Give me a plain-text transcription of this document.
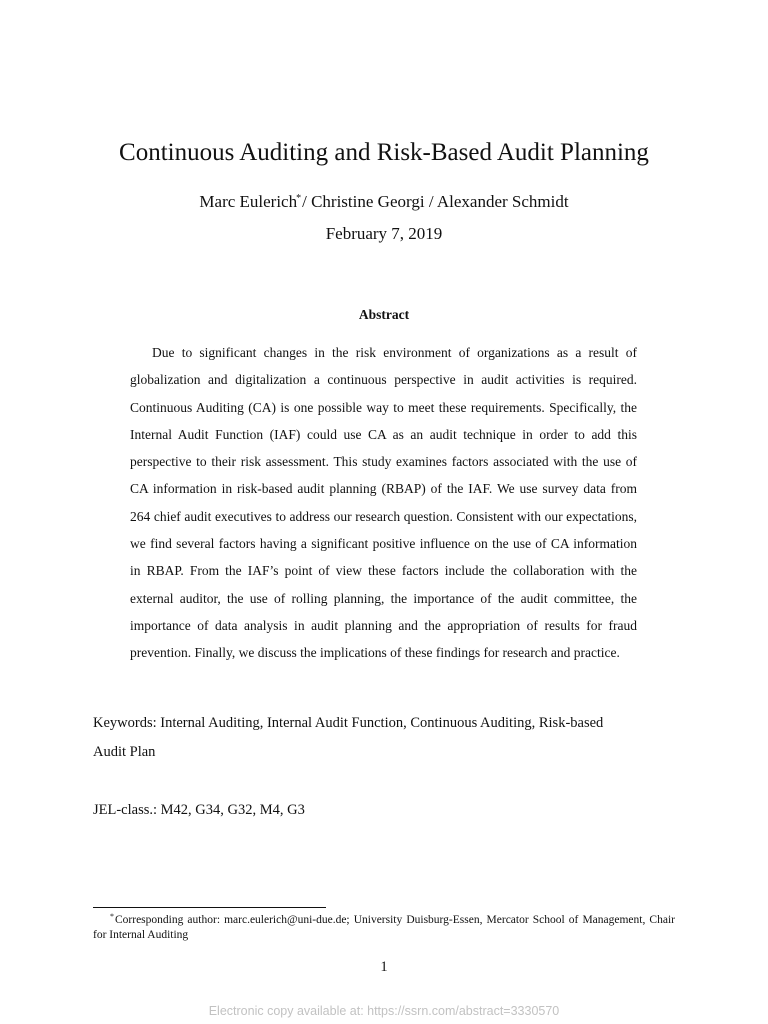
Continuous Auditing and Risk-Based Audit Planning
Marc Eulerich*/ Christine Georgi / Alexander Schmidt
February 7, 2019
Abstract

Due to significant changes in the risk environment of organizations as a result of globalization and digitalization a continuous perspective in audit activities is required. Continuous Auditing (CA) is one possible way to meet these requirements. Specifically, the Internal Audit Function (IAF) could use CA as an audit technique in order to add this perspective to their risk assessment. This study examines factors associated with the use of CA information in risk-based audit planning (RBAP) of the IAF. We use survey data from 264 chief audit executives to address our research question. Consistent with our expectations, we find several factors having a significant positive influence on the use of CA information in RBAP. From the IAF’s point of view these factors include the collaboration with the external auditor, the use of rolling planning, the importance of the audit committee, the importance of data analysis in audit planning and the appropriation of results for fraud prevention. Finally, we discuss the implications of these findings for research and practice.

Keywords: Internal Auditing, Internal Audit Function, Continuous Auditing, Risk-based Audit Plan

JEL-class.: M42, G34, G32, M4, G3

*Corresponding author: marc.eulerich@uni-due.de; University Duisburg-Essen, Mercator School of Management, Chair for Internal Auditing

1
Electronic copy available at: https://ssrn.com/abstract=3330570
